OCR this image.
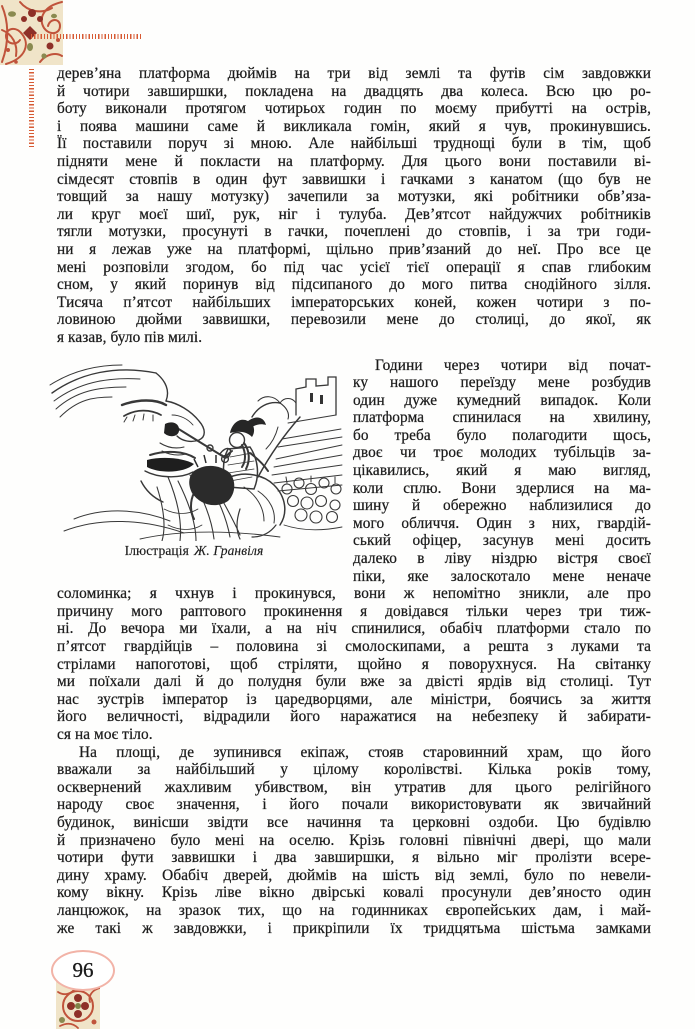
дерев’яна платформа дюймів на три від землі та футів сім завдовжки
й чотири завширшки, покладена на двадцять два колеса. Всю цю ро-
боту виконали протягом чотирьох годин по моєму прибутті на острів,
і поява машини саме й викликала гомін, який я чув, прокинувшись.
Її поставили поруч зі мною. Але найбільші труднощі були в тім, щоб
підняти мене й покласти на платформу. Для цього вони поставили ві-
сімдесят стовпів в один фут заввишки і гачками з канатом (що був не
товщий за нашу мотузку) зачепили за мотузки, які робітники обв’яза-
ли круг моєї шиї, рук, ніг і тулуба. Дев’ятсот найдужчих робітників
тягли мотузки, просунуті в гачки, почеплені до стовпів, і за три годи-
ни я лежав уже на платформі, щільно прив’язаний до неї. Про все це
мені розповіли згодом, бо під час усієї тієї операції я спав глибоким
сном, у який поринув від підсипаного до мого питва снодійного зілля.
Тисяча п’ятсот найбільших імператорських коней, кожен чотири з по-
ловиною дюйми заввишки, перевозили мене до столиці, до якої, як
я казав, було пів милі.
Ілюстрація Ж. Гранвіля
Години через чотири від почат-
ку нашого переїзду мене розбудив
один дуже кумедний випадок. Коли
платформа спинилася на хвилину,
бо треба було полагодити щось,
двоє чи троє молодих тубільців за-
цікавились, який я маю вигляд,
коли сплю. Вони здерлися на ма-
шину й обережно наблизилися до
мого обличчя. Один з них, гвардій-
ський офіцер, засунув мені досить
далеко в ліву ніздрю вістря своєї
піки, яке залоскотало мене неначе
соломинка; я чхнув і прокинувся, вони ж непомітно зникли, але про
причину мого раптового прокинення я довідався тільки через три тиж-
ні. До вечора ми їхали, а на ніч спинилися, обабіч платформи стало по
п’ятсот гвардійців – половина зі смолоскипами, а решта з луками та
стрілами напоготові, щоб стріляти, щойно я поворухнуся. На світанку
ми поїхали далі й до полудня були вже за двісті ярдів від столиці. Тут
нас зустрів імператор із царедворцями, але міністри, боячись за життя
його величності, відрадили його наражатися на небезпеку й забирати-
ся на моє тіло.
На площі, де зупинився екіпаж, стояв старовинний храм, що його
вважали за найбільший у цілому королівстві. Кілька років тому,
осквернений жахливим убивством, він утратив для цього релігійного
народу своє значення, і його почали використовувати як звичайний
будинок, винісши звідти все начиння та церковні оздоби. Цю будівлю
й призначено було мені на оселю. Крізь головні північні двері, що мали
чотири фути заввишки і два завширшки, я вільно міг пролізти всере-
дину храму. Обабіч дверей, дюймів на шість від землі, було по невели-
кому вікну. Крізь ліве вікно двірські ковалі просунули дев’яносто один
ланцюжок, на зразок тих, що на годинниках європейських дам, і май-
же такі ж завдовжки, і прикріпили їх тридцятьма шістьма замками
96
